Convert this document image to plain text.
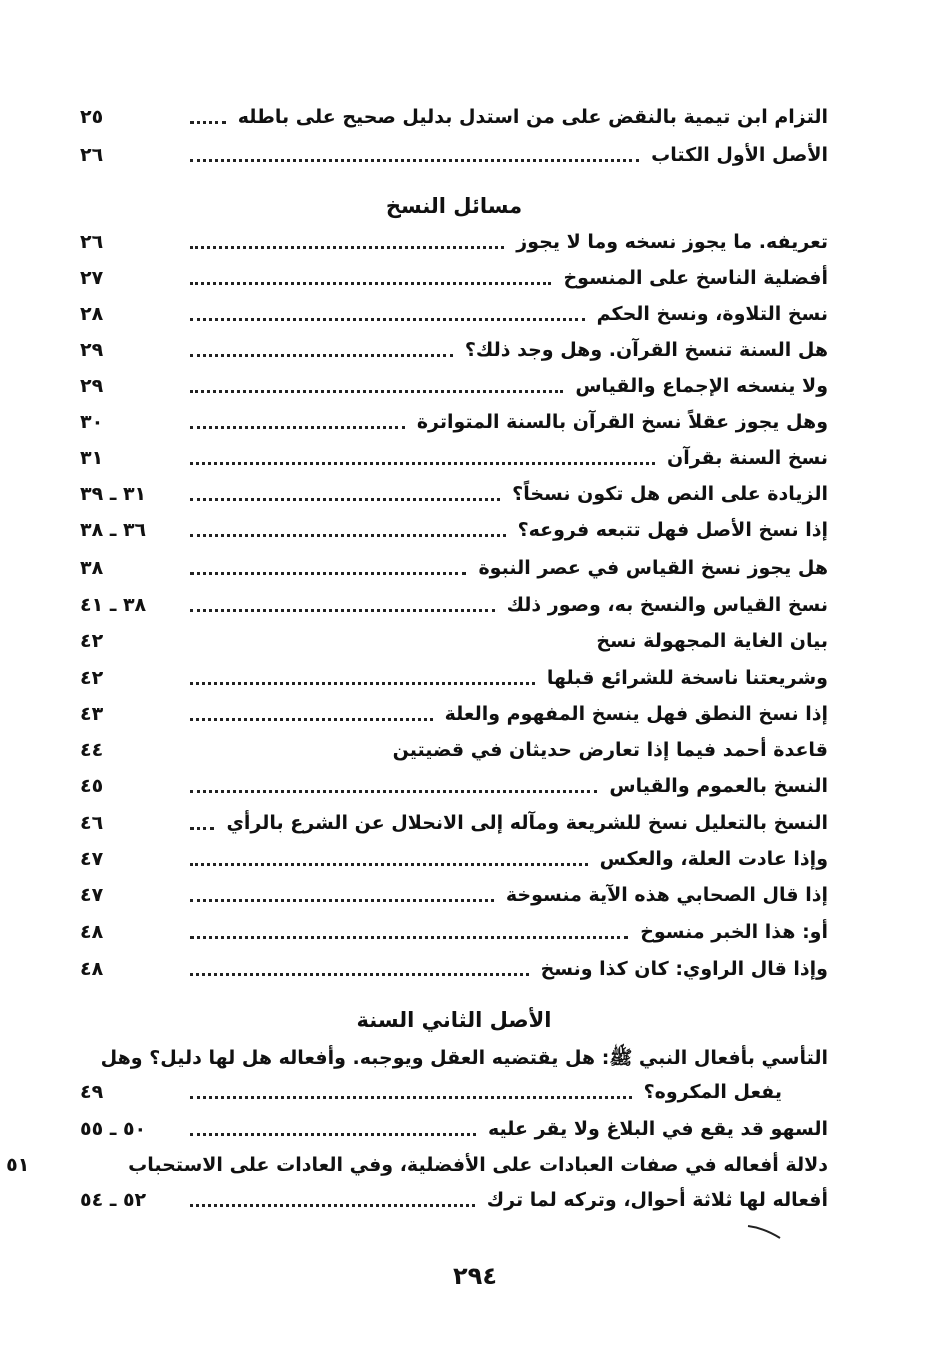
التزام ابن تيمية بالنقض على من استدل بدليل صحيح على باطله
٢٥
الأصل الأول الكتاب
٢٦
مسائل النسخ
تعريفه. ما يجوز نسخه وما لا يجوز
٢٦
أفضلية الناسخ على المنسوخ
٢٧
نسخ التلاوة، ونسخ الحكم
٢٨
هل السنة تنسخ القرآن. وهل وجد ذلك؟
٢٩
ولا ينسخه الإجماع والقياس
٢٩
وهل يجوز عقلاً نسخ القرآن بالسنة المتواترة
٣٠
نسخ السنة بقرآن
٣١
الزيادة على النص هل تكون نسخاً؟
٣١ ـ ٣٩
إذا نسخ الأصل فهل تتبعه فروعه؟
٣٦ ـ ٣٨
هل يجوز نسخ القياس في عصر النبوة
٣٨
نسخ القياس والنسخ به، وصور ذلك
٣٨ ـ ٤١
بيان الغاية المجهولة نسخ
٤٢
وشريعتنا ناسخة للشرائع قبلها
٤٢
إذا نسخ النطق فهل ينسخ المفهوم والعلة
٤٣
قاعدة أحمد فيما إذا تعارض حديثان في قضيتين
٤٤
النسخ بالعموم والقياس
٤٥
النسخ بالتعليل نسخ للشريعة ومآله إلى الانحلال عن الشرع بالرأي
٤٦
وإذا عادت العلة، والعكس
٤٧
إذا قال الصحابي هذه الآية منسوخة
٤٧
أو: هذا الخبر منسوخ
٤٨
وإذا قال الراوي: كان كذا ونسخ
٤٨
الأصل الثاني السنة
التأسي بأفعال النبي ﷺ: هل يقتضيه العقل ويوجبه. وأفعاله هل لها دليل؟ وهل
يفعل المكروه؟
٤٩
السهو قد يقع في البلاغ ولا يقر عليه
٥٠ ـ ٥٥
دلالة أفعاله في صفات العبادات على الأفضلية، وفي العادات على الاستحباب
٥١
أفعاله لها ثلاثة أحوال، وتركه لما ترك
٥٢ ـ ٥٤
٢٩٤
